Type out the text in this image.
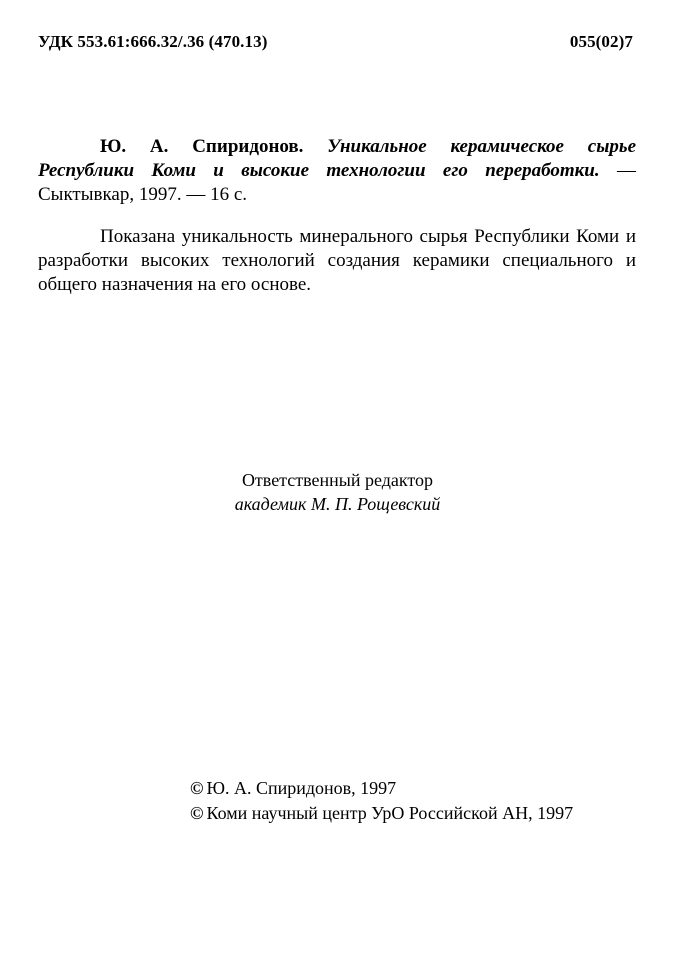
УДК 553.61:666.32/.36 (470.13)	055(02)7

Ю. А. Спиридонов. Уникальное керамическое сырье Республики Коми и высокие технологии его переработки. — Сыктывкар, 1997. — 16 с.

Показана уникальность минерального сырья Республики Коми и разработки высоких технологий создания керамики специального и общего назначения на его основе.

Ответственный редактор
академик М. П. Рощевский
© Ю. А. Спиридонов, 1997
© Коми научный центр УрО Российской АН, 1997
